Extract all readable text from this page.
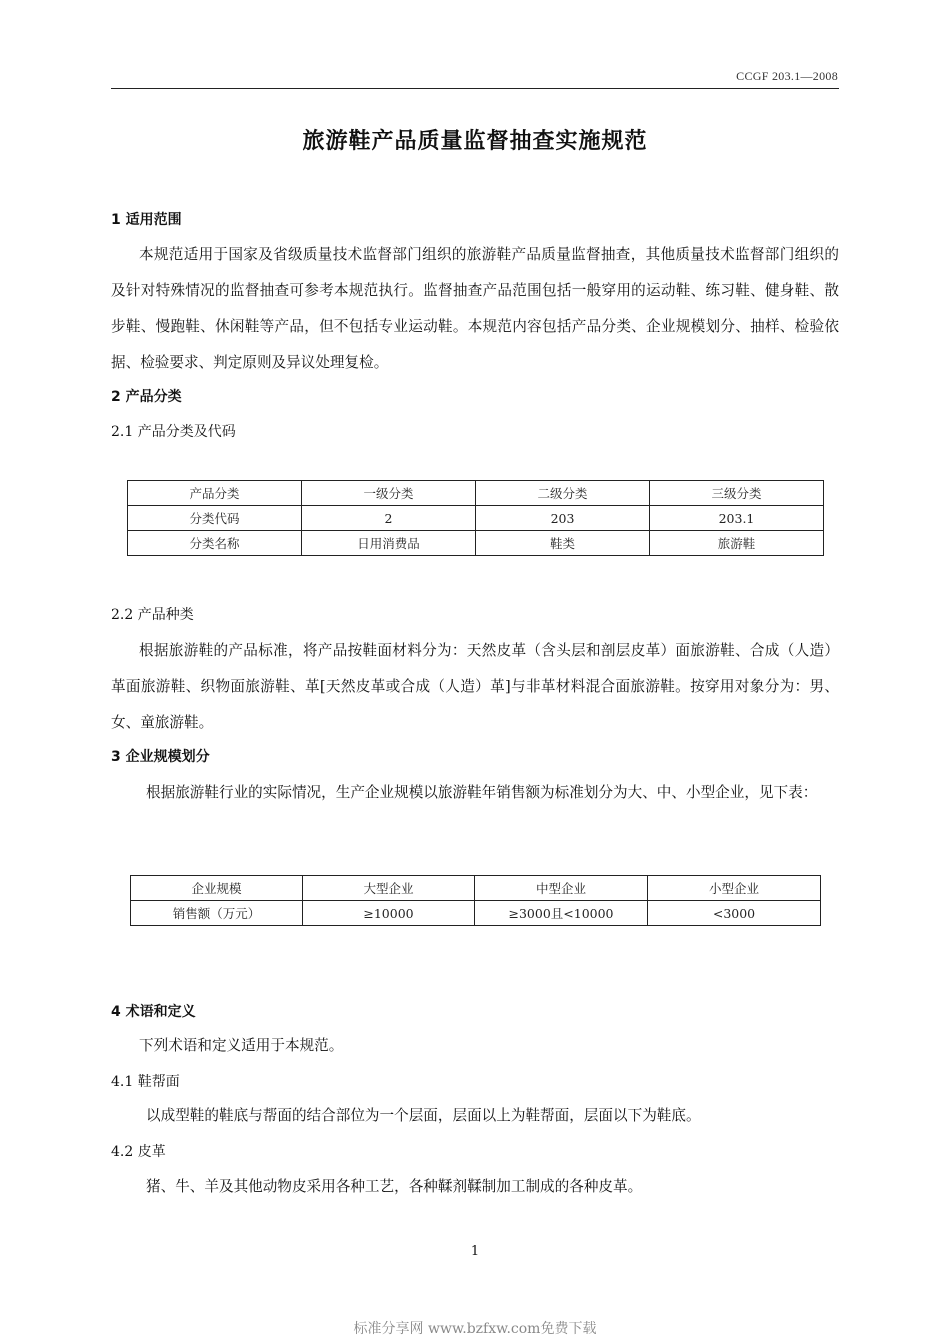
CCGF 203.1—2008
旅游鞋产品质量监督抽查实施规范
1 适用范围
本规范适用于国家及省级质量技术监督部门组织的旅游鞋产品质量监督抽查，其他质量技术监督部门组织的及针对特殊情况的监督抽查可参考本规范执行。监督抽查产品范围包括一般穿用的运动鞋、练习鞋、健身鞋、散步鞋、慢跑鞋、休闲鞋等产品，但不包括专业运动鞋。本规范内容包括产品分类、企业规模划分、抽样、检验依据、检验要求、判定原则及异议处理复检。
2 产品分类
2.1 产品分类及代码
产品分类	一级分类	二级分类	三级分类
分类代码	2	203	203.1
分类名称	日用消费品	鞋类	旅游鞋
2.2 产品种类
根据旅游鞋的产品标准，将产品按鞋面材料分为：天然皮革（含头层和剖层皮革）面旅游鞋、合成（人造）革面旅游鞋、织物面旅游鞋、革[天然皮革或合成（人造）革]与非革材料混合面旅游鞋。按穿用对象分为：男、女、童旅游鞋。
3 企业规模划分
根据旅游鞋行业的实际情况，生产企业规模以旅游鞋年销售额为标准划分为大、中、小型企业，见下表：
企业规模	大型企业	中型企业	小型企业
销售额（万元）	≥10000	≥3000且<10000	<3000
4 术语和定义
下列术语和定义适用于本规范。
4.1 鞋帮面
以成型鞋的鞋底与帮面的结合部位为一个层面，层面以上为鞋帮面，层面以下为鞋底。
4.2 皮革
猪、牛、羊及其他动物皮采用各种工艺，各种鞣剂鞣制加工制成的各种皮革。
1
标准分享网 www.bzfxw.com免费下载
